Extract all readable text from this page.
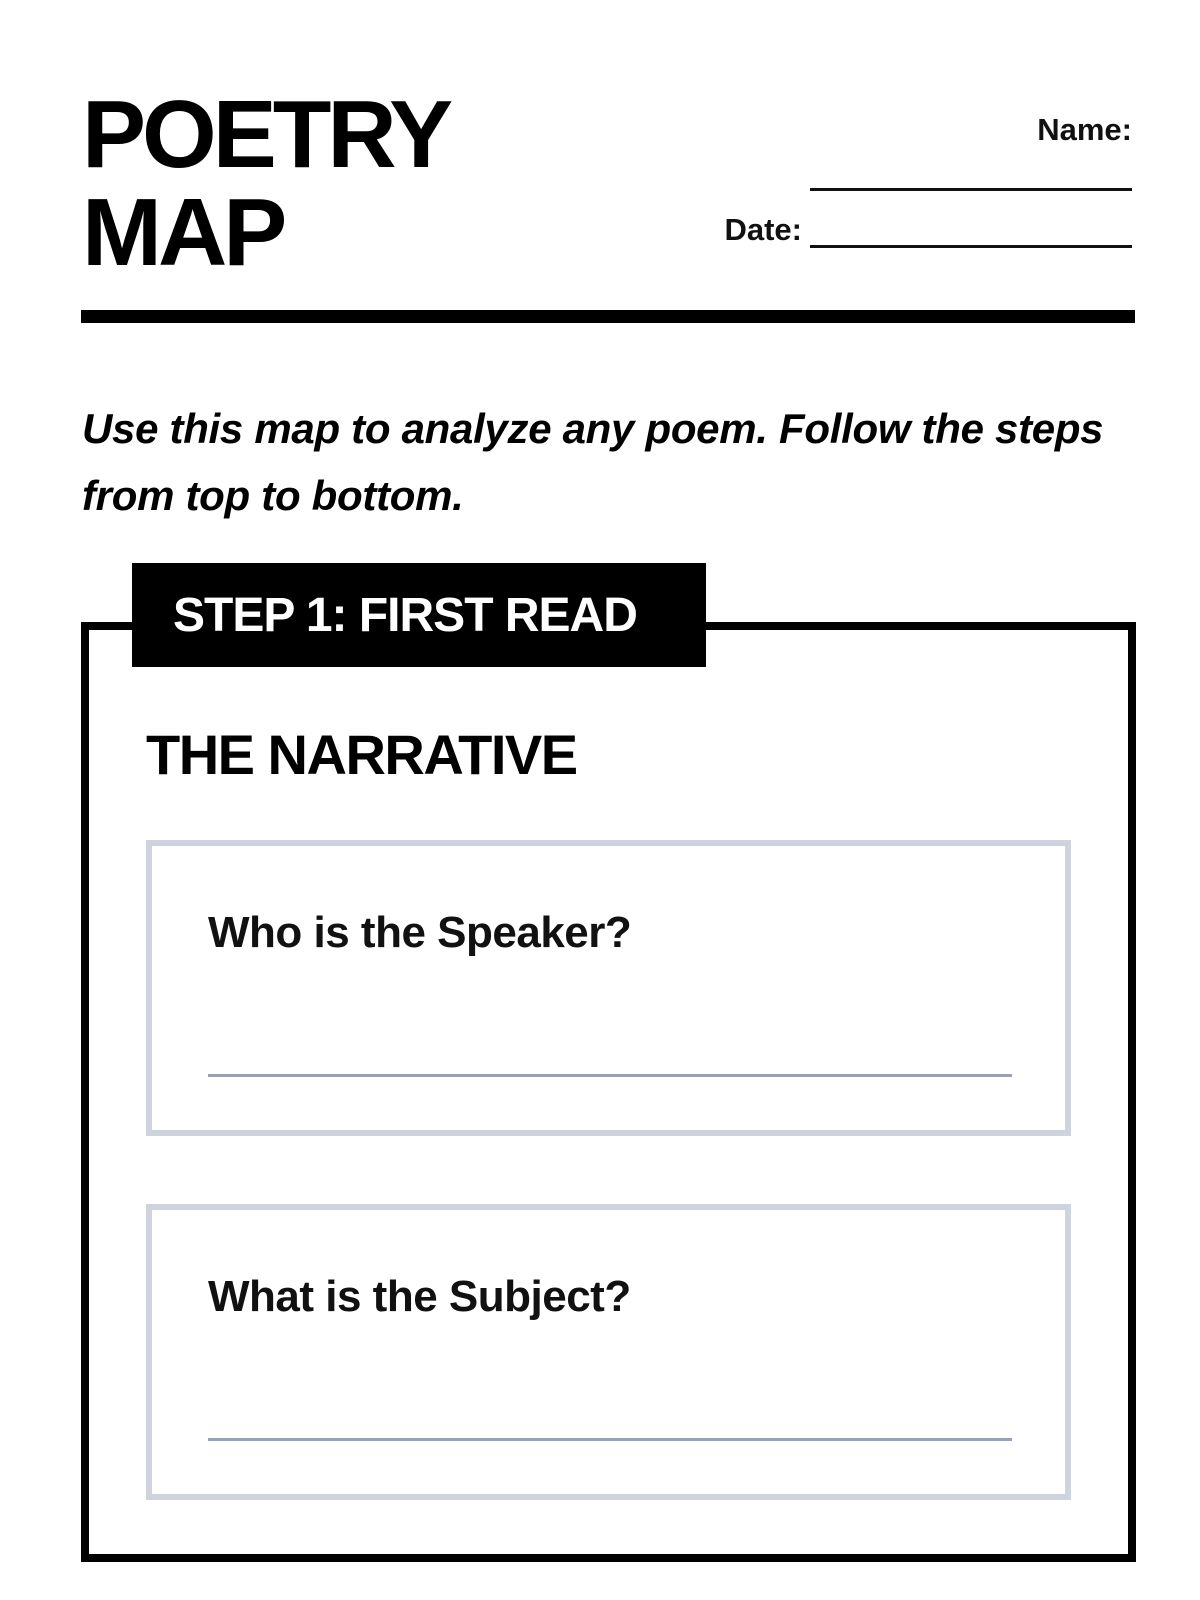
POETRY
MAP
Name:
Date:

Use this map to analyze any poem. Follow the steps from top to bottom.

STEP 1: FIRST READ
THE NARRATIVE
Who is the Speaker?
What is the Subject?
